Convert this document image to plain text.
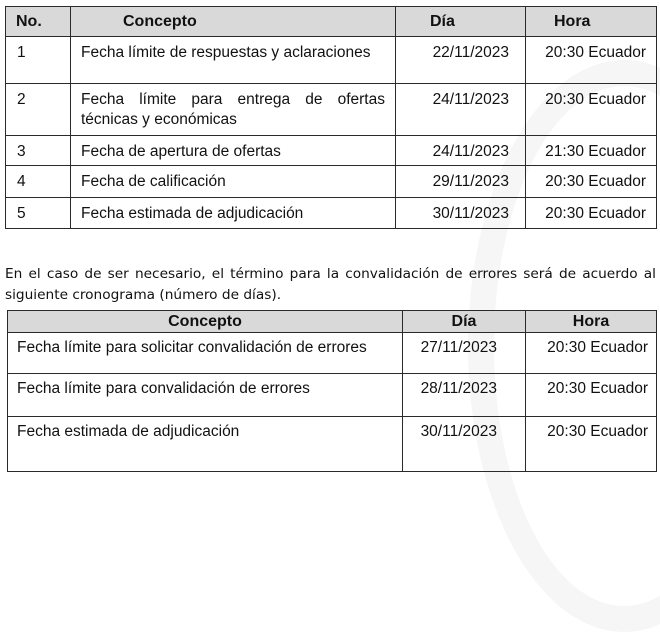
No.	Concepto	Día	Hora
1	Fecha límite de respuestas y aclaraciones	22/11/2023	20:30 Ecuador
2	Fecha límite para entrega de ofertas técnicas y económicas	24/11/2023	20:30 Ecuador
3	Fecha de apertura de ofertas	24/11/2023	21:30 Ecuador
4	Fecha de calificación	29/11/2023	20:30 Ecuador
5	Fecha estimada de adjudicación	30/11/2023	20:30 Ecuador

En el caso de ser necesario, el término para la convalidación de errores será de acuerdo al siguiente cronograma (número de días).

Concepto	Día	Hora
Fecha límite para solicitar convalidación de errores	27/11/2023	20:30 Ecuador
Fecha límite para convalidación de errores	28/11/2023	20:30 Ecuador
Fecha estimada de adjudicación	30/11/2023	20:30 Ecuador
